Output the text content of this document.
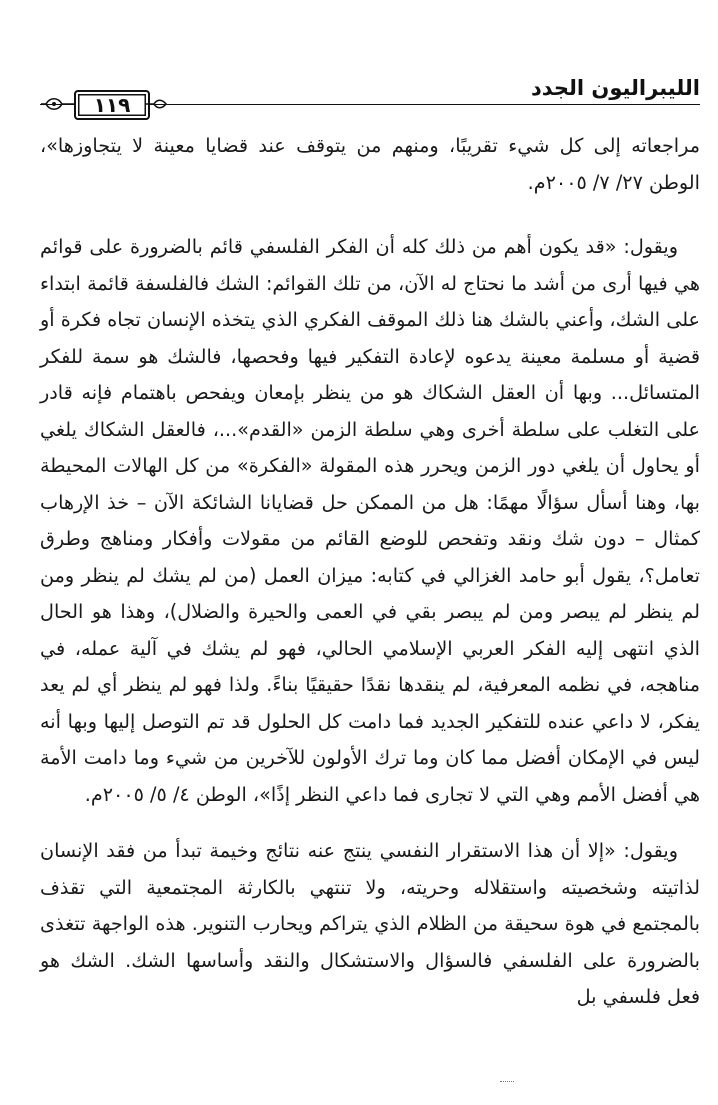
الليبراليون الجدد
١١٩

مراجعاته إلى كل شيء تقريبًا، ومنهم من يتوقف عند قضايا معينة لا يتجاوزها»، الوطن ٢٧/ ٧/ ٢٠٠٥م.

ويقول: «قد يكون أهم من ذلك كله أن الفكر الفلسفي قائم بالضرورة على قوائم هي فيها أرى من أشد ما نحتاج له الآن، من تلك القوائم: الشك فالفلسفة قائمة ابتداء على الشك، وأعني بالشك هنا ذلك الموقف الفكري الذي يتخذه الإنسان تجاه فكرة أو قضية أو مسلمة معينة يدعوه لإعادة التفكير فيها وفحصها، فالشك هو سمة للفكر المتسائل... وبها أن العقل الشكاك هو من ينظر بإمعان ويفحص باهتمام فإنه قادر على التغلب على سلطة أخرى وهي سلطة الزمن «القدم»...، فالعقل الشكاك يلغي أو يحاول أن يلغي دور الزمن ويحرر هذه المقولة «الفكرة» من كل الهالات المحيطة بها، وهنا أسأل سؤالًا مهمًا: هل من الممكن حل قضايانا الشائكة الآن – خذ الإرهاب كمثال – دون شك ونقد وتفحص للوضع القائم من مقولات وأفكار ومناهج وطرق تعامل؟، يقول أبو حامد الغزالي في كتابه: ميزان العمل (من لم يشك لم ينظر ومن لم ينظر لم يبصر ومن لم يبصر بقي في العمى والحيرة والضلال)، وهذا هو الحال الذي انتهى إليه الفكر العربي الإسلامي الحالي، فهو لم يشك في آلية عمله، في مناهجه، في نظمه المعرفية، لم ينقدها نقدًا حقيقيًا بناءً. ولذا فهو لم ينظر أي لم يعد يفكر، لا داعي عنده للتفكير الجديد فما دامت كل الحلول قد تم التوصل إليها وبها أنه ليس في الإمكان أفضل مما كان وما ترك الأولون للآخرين من شيء وما دامت الأمة هي أفضل الأمم وهي التي لا تجارى فما داعي النظر إذًا»، الوطن ٤/ ٥/ ٢٠٠٥م.

ويقول: «إلا أن هذا الاستقرار النفسي ينتج عنه نتائج وخيمة تبدأ من فقد الإنسان لذاتيته وشخصيته واستقلاله وحريته، ولا تنتهي بالكارثة المجتمعية التي تقذف بالمجتمع في هوة سحيقة من الظلام الذي يتراكم ويحارب التنوير. هذه الواجهة تتغذى بالضرورة على الفلسفي فالسؤال والاستشكال والنقد وأساسها الشك. الشك هو فعل فلسفي بل
